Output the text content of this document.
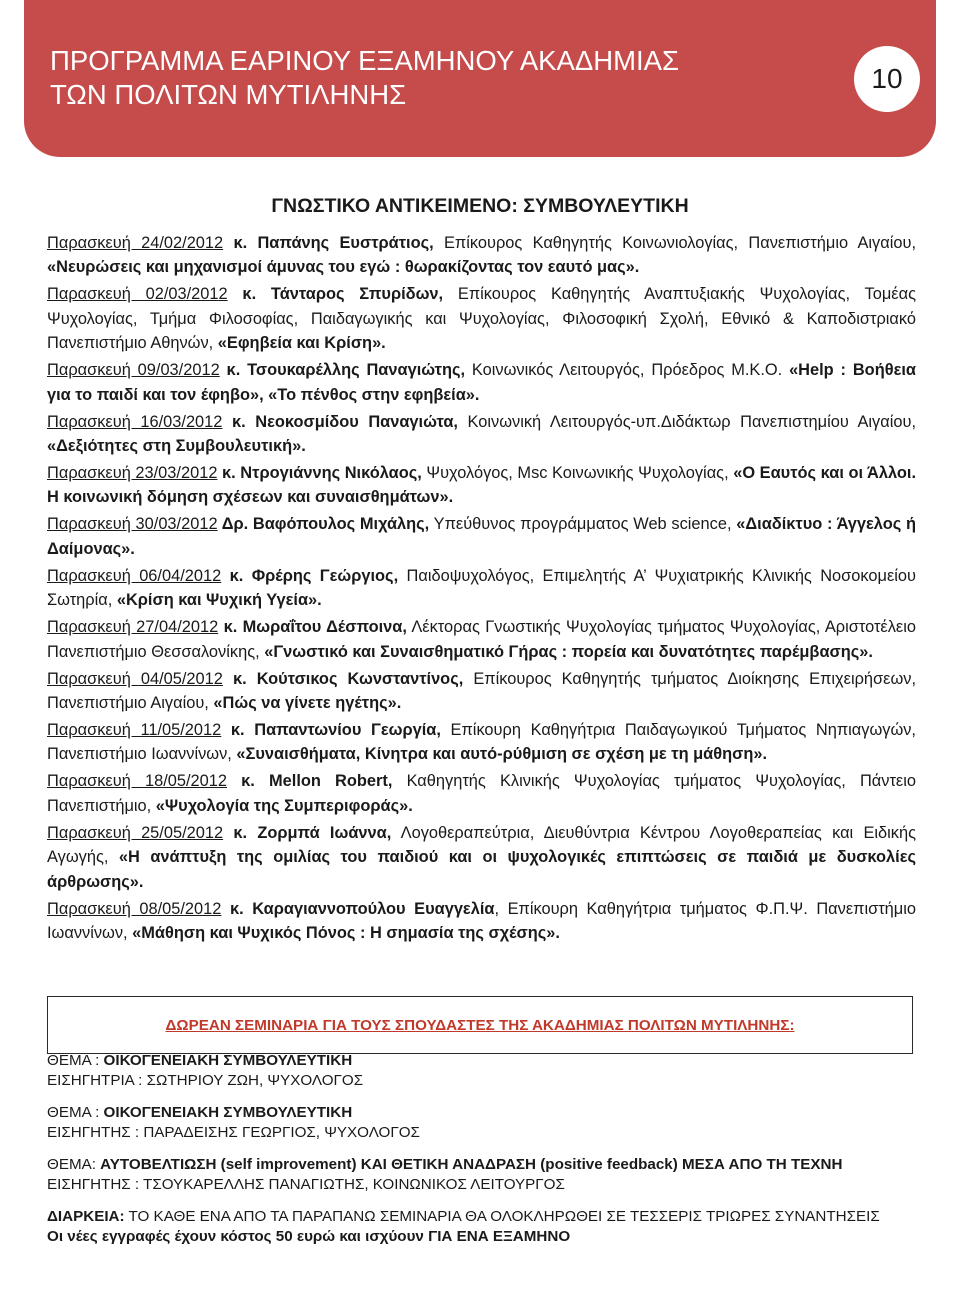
ΠΡΟΓΡΑΜΜΑ ΕΑΡΙΝΟΥ ΕΞΑΜΗΝΟΥ ΑΚΑΔΗΜΙΑΣ
ΤΩΝ ΠΟΛΙΤΩΝ ΜΥΤΙΛΗΝΗΣ
10
ΓΝΩΣΤΙΚΟ ΑΝΤΙΚΕΙΜΕΝΟ: ΣΥΜΒΟΥΛΕΥΤΙΚΗ

Παρασκευή 24/02/2012 κ. Παπάνης Ευστράτιος, Επίκουρος Καθηγητής Κοινωνιολογίας, Πανεπιστήμιο Αιγαίου, «Νευρώσεις και μηχανισμοί άμυνας του εγώ : θωρακίζοντας τον εαυτό μας».

Παρασκευή 02/03/2012 κ. Τάνταρος Σπυρίδων, Επίκουρος Καθηγητής Αναπτυξιακής Ψυχολογίας, Τομέας Ψυχολογίας, Τμήμα Φιλοσοφίας, Παιδαγωγικής και Ψυχολογίας, Φιλοσοφική Σχολή, Εθνικό & Καποδιστριακό Πανεπιστήμιο Αθηνών, «Εφηβεία και Κρίση».

Παρασκευή 09/03/2012 κ. Τσουκαρέλλης Παναγιώτης, Κοινωνικός Λειτουργός, Πρόεδρος Μ.Κ.Ο. «Help : Βοήθεια για το παιδί και τον έφηβο», «Το πένθος στην εφηβεία».

Παρασκευή 16/03/2012 κ. Νεοκοσμίδου Παναγιώτα, Κοινωνική Λειτουργός-υπ.Διδάκτωρ Πανεπιστημίου Αιγαίου, «Δεξιότητες στη Συμβουλευτική».

Παρασκευή 23/03/2012 κ. Ντρογιάννης Νικόλαος, Ψυχολόγος, Msc Κοινωνικής Ψυχολογίας, «Ο Εαυτός και οι Άλλοι. Η κοινωνική δόμηση σχέσεων και συναισθημάτων».

Παρασκευή 30/03/2012 Δρ. Βαφόπουλος Μιχάλης, Υπεύθυνος προγράμματος Web science, «Διαδίκτυο : Άγγελος ή Δαίμονας».

Παρασκευή 06/04/2012 κ. Φρέρης Γεώργιος, Παιδοψυχολόγος, Επιμελητής Α’ Ψυχιατρικής Κλινικής Νοσοκομείου Σωτηρία, «Κρίση και Ψυχική Υγεία».

Παρασκευή 27/04/2012 κ. Μωραΐτου Δέσποινα, Λέκτορας Γνωστικής Ψυχολογίας τμήματος Ψυχολογίας, Αριστοτέλειο Πανεπιστήμιο Θεσσαλονίκης, «Γνωστικό και Συναισθηματικό Γήρας : πορεία και δυνατότητες παρέμβασης».

Παρασκευή 04/05/2012 κ. Κούτσικος Κωνσταντίνος, Επίκουρος Καθηγητής τμήματος Διοίκησης Επιχειρήσεων, Πανεπιστήμιο Αιγαίου, «Πώς να γίνετε ηγέτης».

Παρασκευή 11/05/2012 κ. Παπαντωνίου Γεωργία, Επίκουρη Καθηγήτρια Παιδαγωγικού Τμήματος Νηπιαγωγών, Πανεπιστήμιο Ιωαννίνων, «Συναισθήματα, Κίνητρα και αυτό-ρύθμιση σε σχέση με τη μάθηση».

Παρασκευή 18/05/2012 κ. Mellon Robert, Καθηγητής Κλινικής Ψυχολογίας τμήματος Ψυχολογίας, Πάντειο Πανεπιστήμιο, «Ψυχολογία της Συμπεριφοράς».

Παρασκευή 25/05/2012 κ. Ζορμπά Ιωάννα, Λογοθεραπεύτρια, Διευθύντρια Κέντρου Λογοθεραπείας και Ειδικής Αγωγής, «Η ανάπτυξη της ομιλίας του παιδιού και οι ψυχολογικές επιπτώσεις σε παιδιά με δυσκολίες άρθρωσης».

Παρασκευή 08/05/2012 κ. Καραγιαννοπούλου Ευαγγελία, Επίκουρη Καθηγήτρια τμήματος Φ.Π.Ψ. Πανεπιστήμιο Ιωαννίνων, «Μάθηση και Ψυχικός Πόνος : Η σημασία της σχέσης».

ΔΩΡΕΑΝ ΣΕΜΙΝΑΡΙΑ ΓΙΑ ΤΟΥΣ ΣΠΟΥΔΑΣΤΕΣ ΤΗΣ ΑΚΑΔΗΜΙΑΣ ΠΟΛΙΤΩΝ ΜΥΤΙΛΗΝΗΣ:

ΘΕΜΑ : ΟΙΚΟΓΕΝΕΙΑΚΗ ΣΥΜΒΟΥΛΕΥΤΙΚΗ

ΕΙΣΗΓΗΤΡΙΑ : ΣΩΤΗΡΙΟΥ ΖΩΗ, ΨΥΧΟΛΟΓΟΣ

ΘΕΜΑ : ΟΙΚΟΓΕΝΕΙΑΚΗ ΣΥΜΒΟΥΛΕΥΤΙΚΗ

ΕΙΣΗΓΗΤΗΣ : ΠΑΡΑΔΕΙΣΗΣ ΓΕΩΡΓΙΟΣ, ΨΥΧΟΛΟΓΟΣ

ΘΕΜΑ: ΑΥΤΟΒΕΛΤΙΩΣΗ (self improvement) ΚΑΙ ΘΕΤΙΚΗ ΑΝΑΔΡΑΣΗ (positive feedback) ΜΕΣΑ ΑΠΟ ΤΗ ΤΕΧΝΗ

ΕΙΣΗΓΗΤΗΣ : ΤΣΟΥΚΑΡΕΛΛΗΣ ΠΑΝΑΓΙΩΤΗΣ, ΚΟΙΝΩΝΙΚΟΣ ΛΕΙΤΟΥΡΓΟΣ

ΔΙΑΡΚΕΙΑ: ΤΟ ΚΑΘΕ ΕΝΑ ΑΠΟ ΤΑ ΠΑΡΑΠΑΝΩ ΣΕΜΙΝΑΡΙΑ ΘΑ ΟΛΟΚΛΗΡΩΘΕΙ ΣΕ ΤΕΣΣΕΡΙΣ ΤΡΙΩΡΕΣ ΣΥΝΑΝΤΗΣΕΙΣ

Οι νέες εγγραφές έχουν κόστος 50 ευρώ και ισχύουν ΓΙΑ ΕΝΑ ΕΞΑΜΗΝΟ
